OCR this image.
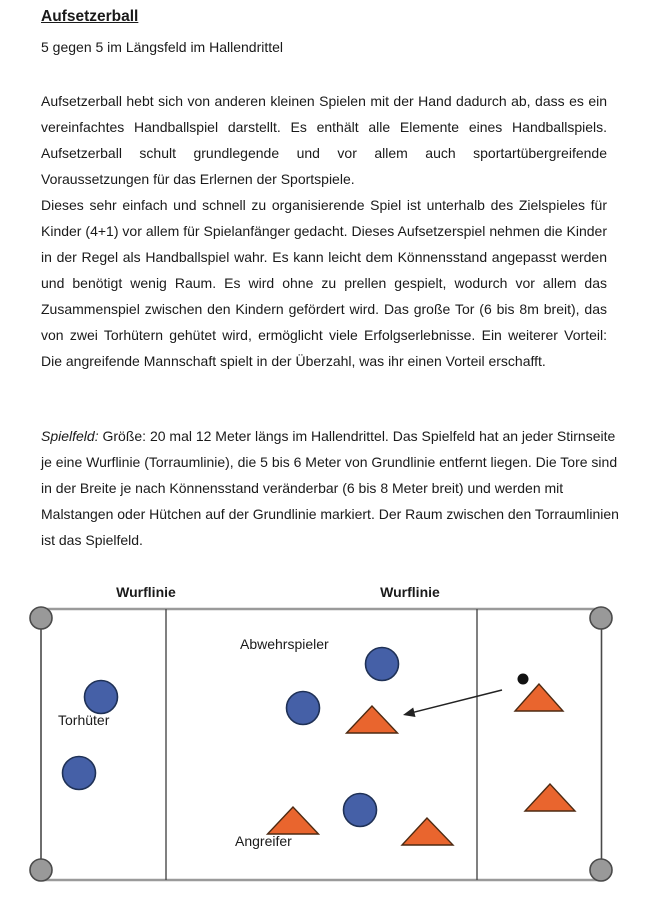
Aufsetzerball
5 gegen 5 im Längsfeld im Hallendrittel

Aufsetzerball hebt sich von anderen kleinen Spielen mit der Hand dadurch ab, dass es ein vereinfachtes Handballspiel darstellt. Es enthält alle Elemente eines Handballspiels. Aufsetzerball schult grundlegende und vor allem auch sportartübergreifende Voraussetzungen für das Erlernen der Sportspiele.

Dieses sehr einfach und schnell zu organisierende Spiel ist unterhalb des Zielspieles für Kinder (4+1) vor allem für Spielanfänger gedacht. Dieses Aufsetzerspiel nehmen die Kinder in der Regel als Handballspiel wahr. Es kann leicht dem Könnensstand angepasst werden und benötigt wenig Raum. Es wird ohne zu prellen gespielt, wodurch vor allem das Zusammenspiel zwischen den Kindern gefördert wird. Das große Tor (6 bis 8m breit), das von zwei Torhütern gehütet wird, ermöglicht viele Erfolgserlebnisse. Ein weiterer Vorteil: Die angreifende Mannschaft spielt in der Überzahl, was ihr einen Vorteil erschafft.

Spielfeld: Größe: 20 mal 12 Meter längs im Hallendrittel. Das Spielfeld hat an jeder Stirnseite je eine Wurflinie (Torraumlinie), die 5 bis 6 Meter von Grundlinie entfernt liegen. Die Tore sind in der Breite je nach Könnensstand veränderbar (6 bis 8 Meter breit) und werden mit Malstangen oder Hütchen auf der Grundlinie markiert. Der Raum zwischen den Torraumlinien ist das Spielfeld.
Wurflinie	Wurflinie
Abwehrspieler
Torhüter
Angreifer
